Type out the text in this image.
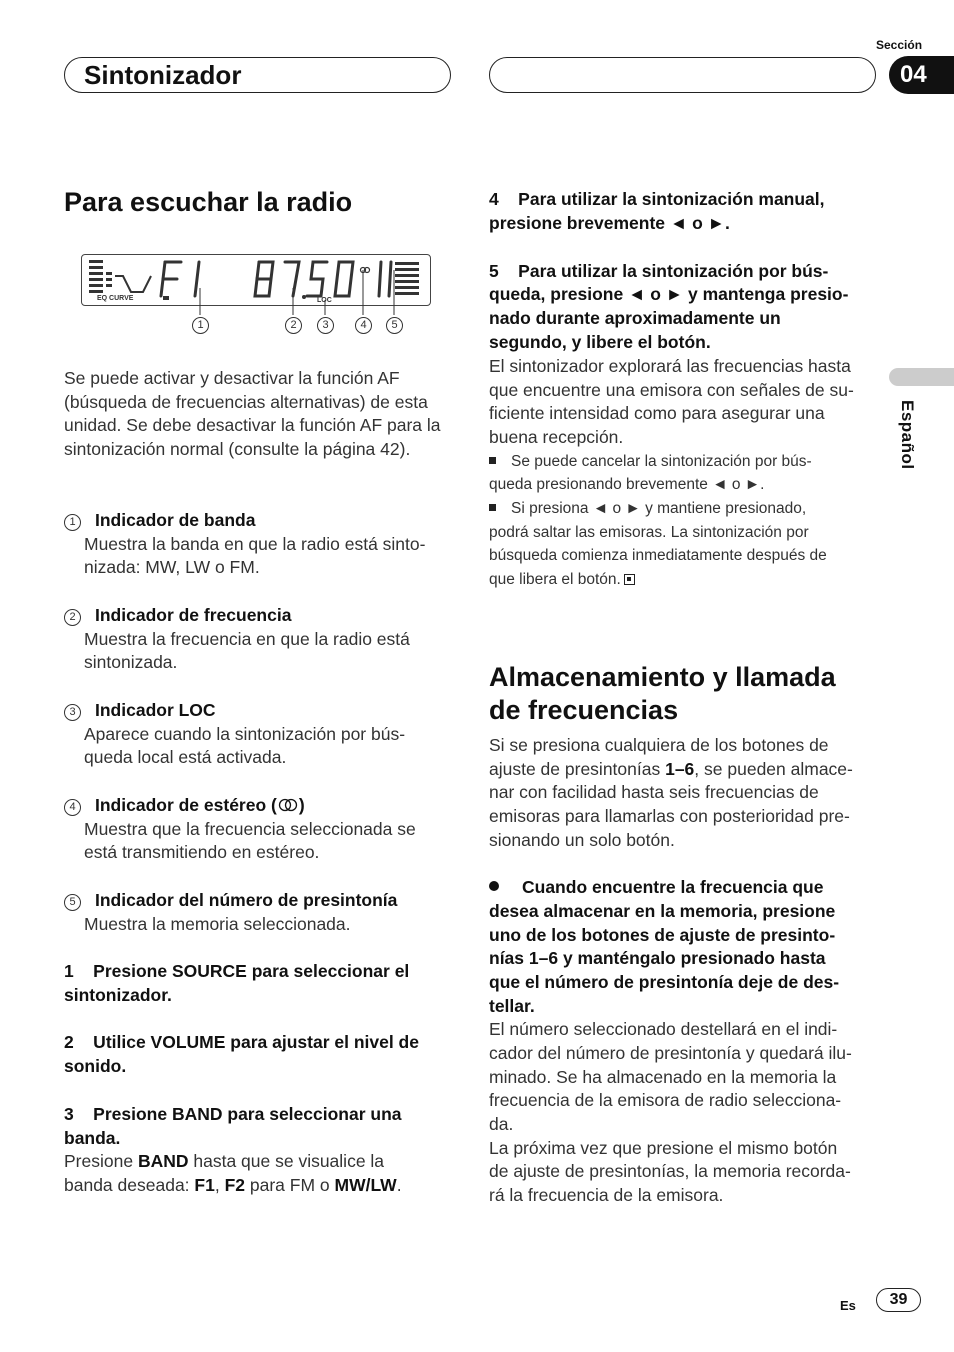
Sintonizador
Sección
04
Español
Para escuchar la radio
EQ CURVE	LOC
1	2	3	4	5
Se puede activar y desactivar la función AF (búsqueda de frecuencias alternativas) de esta unidad. Se debe desactivar la función AF para la sintonización normal (consulte la página 42).
1 Indicador de banda
Muestra la banda en que la radio está sinto-
nizada: MW, LW o FM.
2 Indicador de frecuencia
Muestra la frecuencia en que la radio está
sintonizada.
3 Indicador LOC
Aparece cuando la sintonización por bús-
queda local está activada.
4 Indicador de estéreo ( )
Muestra que la frecuencia seleccionada se
está transmitiendo en estéreo.
5 Indicador del número de presintonía
Muestra la memoria seleccionada.
1    Presione SOURCE para seleccionar el
sintonizador.
2    Utilice VOLUME para ajustar el nivel de
sonido.
3    Presione BAND para seleccionar una
banda.
Presione BAND hasta que se visualice la
banda deseada: F1, F2 para FM o MW/LW.
4    Para utilizar la sintonización manual,
presione brevemente ◄ o ►.
5    Para utilizar la sintonización por bús-
queda, presione ◄ o ► y mantenga presio-
nado durante aproximadamente un
segundo, y libere el botón.
El sintonizador explorará las frecuencias hasta
que encuentre una emisora con señales de su-
ficiente intensidad como para asegurar una
buena recepción.
Se puede cancelar la sintonización por bús-
queda presionando brevemente ◄ o ►.
Si presiona ◄ o ► y mantiene presionado,
podrá saltar las emisoras. La sintonización por
búsqueda comienza inmediatamente después de
que libera el botón.
Almacenamiento y llamada
de frecuencias
Si se presiona cualquiera de los botones de
ajuste de presintonías 1–6, se pueden almace-
nar con facilidad hasta seis frecuencias de
emisoras para llamarlas con posterioridad pre-
sionando un solo botón.
Cuando encuentre la frecuencia que
desea almacenar en la memoria, presione
uno de los botones de ajuste de presinto-
nías 1–6 y manténgalo presionado hasta
que el número de presintonía deje de des-
tellar.
El número seleccionado destellará en el indi-
cador del número de presintonía y quedará ilu-
minado. Se ha almacenado en la memoria la
frecuencia de la emisora de radio selecciona-
da.
La próxima vez que presione el mismo botón
de ajuste de presintonías, la memoria recorda-
rá la frecuencia de la emisora.
Es	39
